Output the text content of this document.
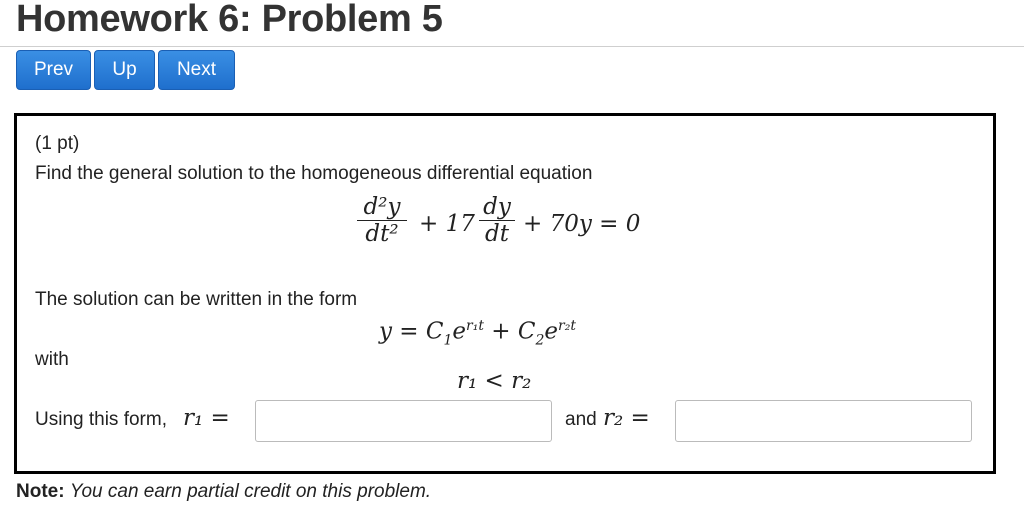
Homework 6: Problem 5
Prev	Up	Next
(1 pt)
Find the general solution to the homogeneous differential equation
$\frac{\text{d²y}}{\text{dt²}} + 17 \frac{dy}{dt} + 70y = 0$
The solution can be written in the form
$y = C_1e^{r_1t} + C_2e^{r_2t}$
with
r₁ < r₂
Using this form, r₁ =	and r₂ =
Note: You can earn partial credit on this problem.
